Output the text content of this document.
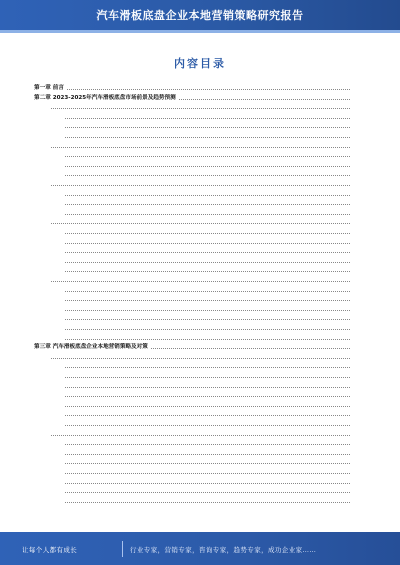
汽车滑板底盘企业本地营销策略研究报告
内容目录
第一章 前言
第二章 2023-2025年汽车滑板底盘市场前景及趋势预测
第三章 汽车滑板底盘企业本地营销策略及对策
让每个人都有成长	行业专家，营销专家，咨询专家，趋势专家，成功企业家……
